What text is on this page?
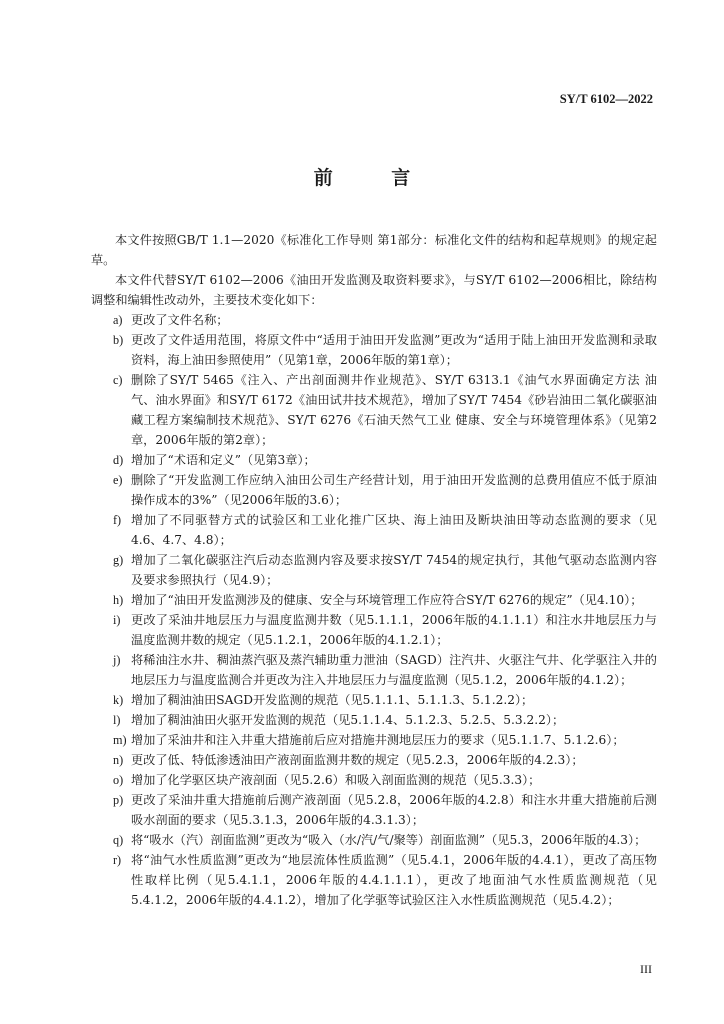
SY/T 6102—2022
前 言
本文件按照GB/T 1.1—2020《标准化工作导则 第1部分：标准化文件的结构和起草规则》的规定起草。
本文件代替SY/T 6102—2006《油田开发监测及取资料要求》，与SY/T 6102—2006相比，除结构调整和编辑性改动外，主要技术变化如下：
a) 更改了文件名称；
b) 更改了文件适用范围，将原文件中“适用于油田开发监测”更改为“适用于陆上油田开发监测和录取资料，海上油田参照使用”（见第1章，2006年版的第1章）；
c) 删除了SY/T 5465《注入、产出剖面测井作业规范》、SY/T 6313.1《油气水界面确定方法 油气、油水界面》和SY/T 6172《油田试井技术规范》，增加了SY/T 7454《砂岩油田二氧化碳驱油藏工程方案编制技术规范》、SY/T 6276《石油天然气工业 健康、安全与环境管理体系》（见第2章，2006年版的第2章）；
d) 增加了“术语和定义”（见第3章）；
e) 删除了“开发监测工作应纳入油田公司生产经营计划，用于油田开发监测的总费用值应不低于原油操作成本的3%”（见2006年版的3.6）；
f) 增加了不同驱替方式的试验区和工业化推广区块、海上油田及断块油田等动态监测的要求（见4.6、4.7、4.8）；
g) 增加了二氧化碳驱注汽后动态监测内容及要求按SY/T 7454的规定执行，其他气驱动态监测内容及要求参照执行（见4.9）；
h) 增加了“油田开发监测涉及的健康、安全与环境管理工作应符合SY/T 6276的规定”（见4.10）；
i) 更改了采油井地层压力与温度监测井数（见5.1.1.1，2006年版的4.1.1.1）和注水井地层压力与温度监测井数的规定（见5.1.2.1，2006年版的4.1.2.1）；
j) 将稀油注水井、稠油蒸汽驱及蒸汽辅助重力泄油（SAGD）注汽井、火驱注气井、化学驱注入井的地层压力与温度监测合并更改为注入井地层压力与温度监测（见5.1.2，2006年版的4.1.2）；
k) 增加了稠油油田SAGD开发监测的规范（见5.1.1.1、5.1.1.3、5.1.2.2）；
l) 增加了稠油油田火驱开发监测的规范（见5.1.1.4、5.1.2.3、5.2.5、5.3.2.2）；
m) 增加了采油井和注入井重大措施前后应对措施井测地层压力的要求（见5.1.1.7、5.1.2.6）；
n) 更改了低、特低渗透油田产液剖面监测井数的规定（见5.2.3，2006年版的4.2.3）；
o) 增加了化学驱区块产液剖面（见5.2.6）和吸入剖面监测的规范（见5.3.3）；
p) 更改了采油井重大措施前后测产液剖面（见5.2.8，2006年版的4.2.8）和注水井重大措施前后测吸水剖面的要求（见5.3.1.3，2006年版的4.3.1.3）；
q) 将“吸水（汽）剖面监测”更改为“吸入（水/汽/气/聚等）剖面监测”（见5.3，2006年版的4.3）；
r) 将“油气水性质监测”更改为“地层流体性质监测”（见5.4.1，2006年版的4.4.1），更改了高压物性取样比例（见5.4.1.1，2006年版的4.4.1.1.1），更改了地面油气水性质监测规范（见5.4.1.2，2006年版的4.4.1.2），增加了化学驱等试验区注入水性质监测规范（见5.4.2）；
III
